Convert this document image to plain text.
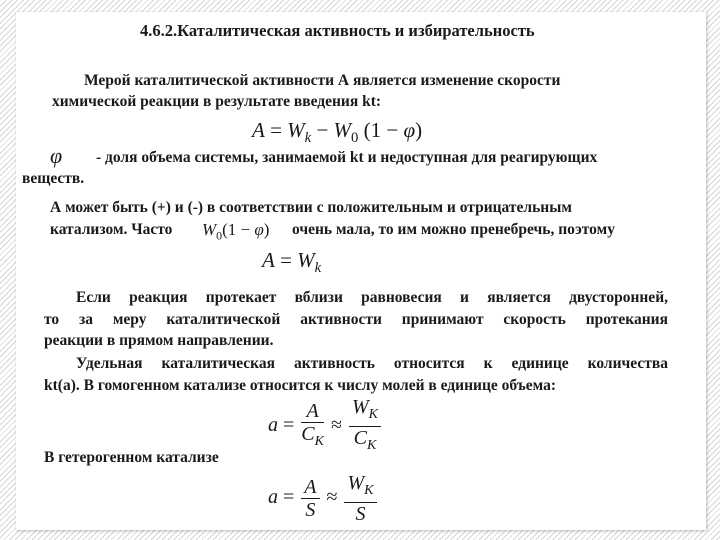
4.6.2.Каталитическая активность и избирательность
Мерой каталитической активности А является изменение скорости
химической реакции в результате введения kt:
$A = W_k - W_0$ (1 − φ)
φ - доля объема системы, занимаемой kt и недоступная для реагирующих
веществ.
А может быть (+) и (-) в соответствии с положительным и отрицательным
катализом. Часто $W_0(1 - \varphi)$ очень мала, то им можно пренебречь, поэтому
$A = W_k$
Если реакция протекает вблизи равновесия и является двусторонней,
то за меру каталитической активности принимают скорость протекания
реакции в прямом направлении.
Удельная каталитическая активность относится к единице количества
kt(a). В гомогенном катализе относится к числу молей в единице объема:
$a = \frac{A}{C_K} \approx \frac{W_K}{C_K}$
В гетерогенном катализе
$a = \frac{A}{S} \approx \frac{W_K}{S}$
